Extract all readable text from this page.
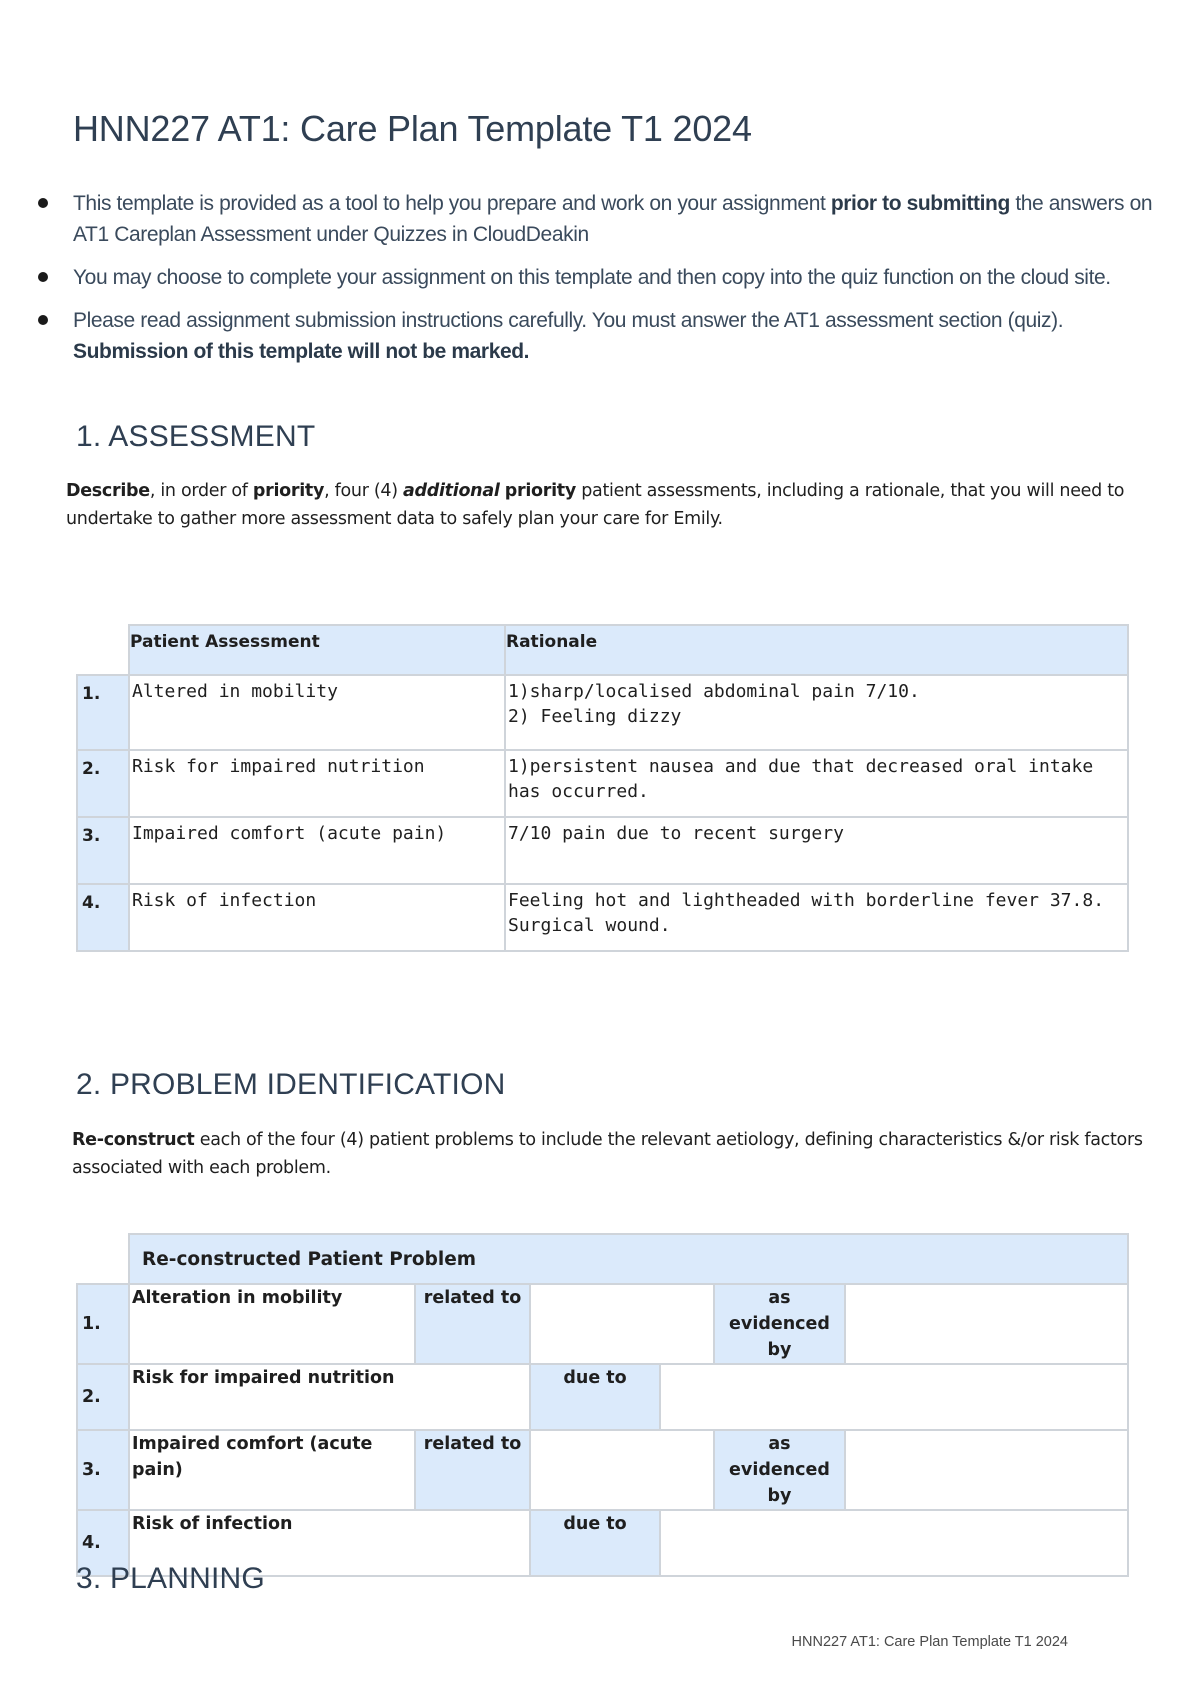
HNN227 AT1: Care Plan Template T1 2024
This template is provided as a tool to help you prepare and work on your assignment prior to submitting the answers on AT1 Careplan Assessment under Quizzes in CloudDeakin
You may choose to complete your assignment on this template and then copy into the quiz function on the cloud site.
Please read assignment submission instructions carefully. You must answer the AT1 assessment section (quiz).
Submission of this template will not be marked.
1. ASSESSMENT
Describe, in order of priority, four (4) additional priority patient assessments, including a rationale, that you will need to undertake to gather more assessment data to safely plan your care for Emily.
	Patient Assessment	Rationale
1.	Altered in mobility	1)sharp/localised abdominal pain 7/10.
2) Feeling dizzy

2.	Risk for impaired nutrition	1)persistent nausea and due that decreased oral intake has occurred.

3.	Impaired comfort (acute pain)	7/10 pain due to recent surgery

4.	Risk of infection	Feeling hot and lightheaded with borderline fever 37.8.
Surgical wound.
2. PROBLEM IDENTIFICATION
Re-construct each of the four (4) patient problems to include the relevant aetiology, defining characteristics &/or risk factors associated with each problem.
	Re-constructed Patient Problem					
1.	Alteration in mobility	related to			as evidenced by	
2.	Risk for impaired nutrition		due to			
3.	Impaired comfort (acute pain)	related to			as evidenced by	
4.	Risk of infection		due to			
3. PLANNING
HNN227 AT1: Care Plan Template T1 2024
